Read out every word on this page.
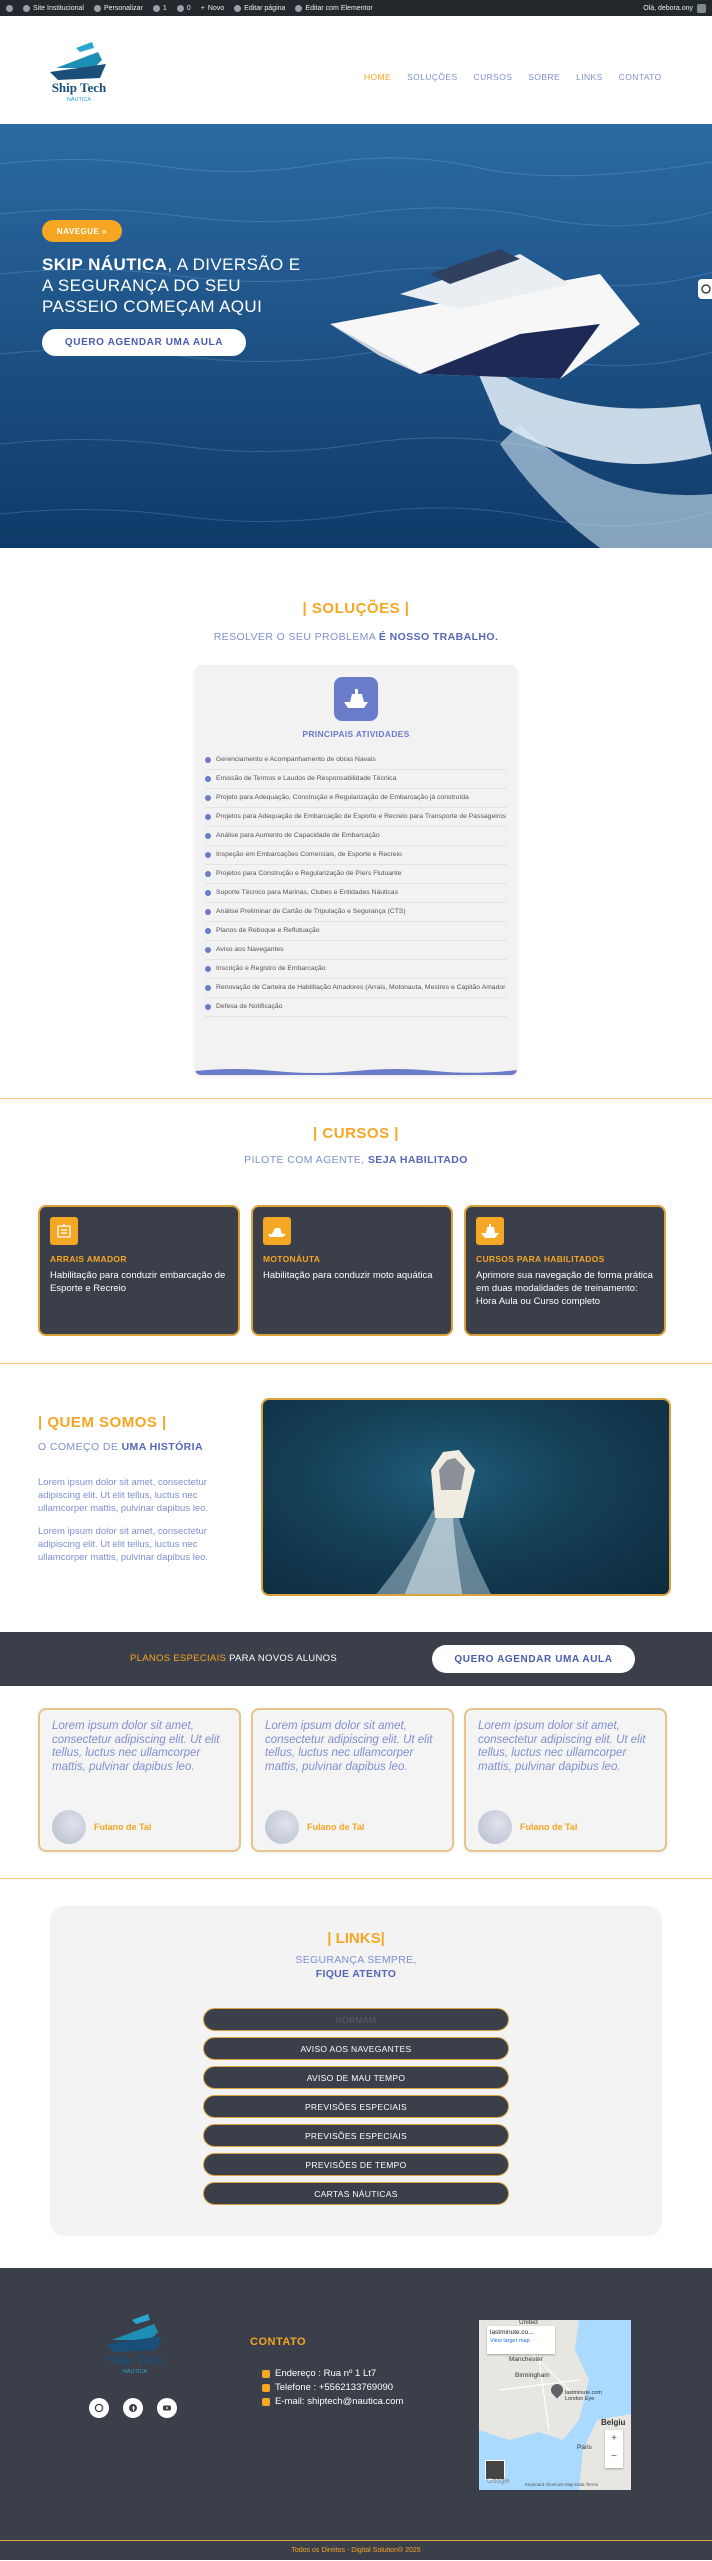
Site Institucional	Personalizar	1	0 + Novo	Editar página	Editar com Elementor	Olá, debora.ony
Ship Tech
NÁUTICA
HOME	SOLUÇÕES	CURSOS	SOBRE	LINKS	CONTATO
NAVEGUE »
SKIP NÁUTICA, A DIVERSÃO E A SEGURANÇA DO SEU PASSEIO COMEÇAM AQUI
QUERO AGENDAR UMA AULA
| SOLUÇÕES |
RESOLVER O SEU PROBLEMA É NOSSO TRABALHO.
PRINCIPAIS ATIVIDADES
Gerenciamento e Acompanhamento de obras Navais
Emissão de Termos e Laudos de Responsabilidade Técnica
Projeto para Adequação, Construção e Regularização de Embarcação já construída
Projetos para Adequação de Embarcação de Esporte e Recreio para Transporte de Passageiros
Análise para Aumento de Capacidade de Embarcação
Inspeção em Embarcações Comerciais, de Esporte e Recreio
Projetos para Construção e Regularização de Píers Flutuante
Suporte Técnico para Marinas, Clubes e Entidades Náuticas
Análise Preliminar de Cartão de Tripulação e Segurança (CTS)
Planos de Reboque e Reflutuação
Aviso aos Navegantes
Inscrição e Registro de Embarcação
Renovação de Carteira de Habilitação Amadores (Arrais, Motonauta, Mestres e Capitão Amador
Defesa de Notificação
| CURSOS |
PILOTE COM AGENTE, SEJA HABILITADO
ARRAIS AMADOR
Habilitação para conduzir embarcação de Esporte e Recreio
MOTONÁUTA
Habilitação para conduzir moto aquática
CURSOS PARA HABILITADOS
Aprimore sua navegação de forma prática em duas modalidades de treinamento: Hora Aula ou Curso completo
| QUEM SOMOS |
O COMEÇO DE UMA HISTÓRIA
Lorem ipsum dolor sit amet, consectetur adipiscing elit. Ut elit tellus, luctus nec ullamcorper mattis, pulvinar dapibus leo.
Lorem ipsum dolor sit amet, consectetur adipiscing elit. Ut elit tellus, luctus nec ullamcorper mattis, pulvinar dapibus leo.
PLANOS ESPECIAIS PARA NOVOS ALUNOS	QUERO AGENDAR UMA AULA
Lorem ipsum dolor sit amet, consectetur adipiscing elit. Ut elit tellus, luctus nec ullamcorper mattis, pulvinar dapibus leo.
Fulano de Tal
Lorem ipsum dolor sit amet, consectetur adipiscing elit. Ut elit tellus, luctus nec ullamcorper mattis, pulvinar dapibus leo.
Fulano de Tal
Lorem ipsum dolor sit amet, consectetur adipiscing elit. Ut elit tellus, luctus nec ullamcorper mattis, pulvinar dapibus leo.
Fulano de Tal
| LINKS|
SEGURANÇA SEMPRE,
FIQUE ATENTO
NORMAM
AVISO AOS NAVEGANTES
AVISO DE MAU TEMPO
PREVISÕES ESPECIAIS
PREVISÕES ESPECIAIS
PREVISÕES DE TEMPO
CARTAS NÁUTICAS
Ship Tech
NÁUTICA
CONTATO
Endereço : Rua nº 1 Lt7
Telefone : +5562133769090
E-mail: shiptech@nautica.com
lastminute.co...
View larger map
United
Manchester
Birmingham
lastminute.com London Eye
Belgiu
Paris
+
−
Google	Keyboard shortcuts Map Data Terms
Todos os Direitos - Digital Solution® 2025
